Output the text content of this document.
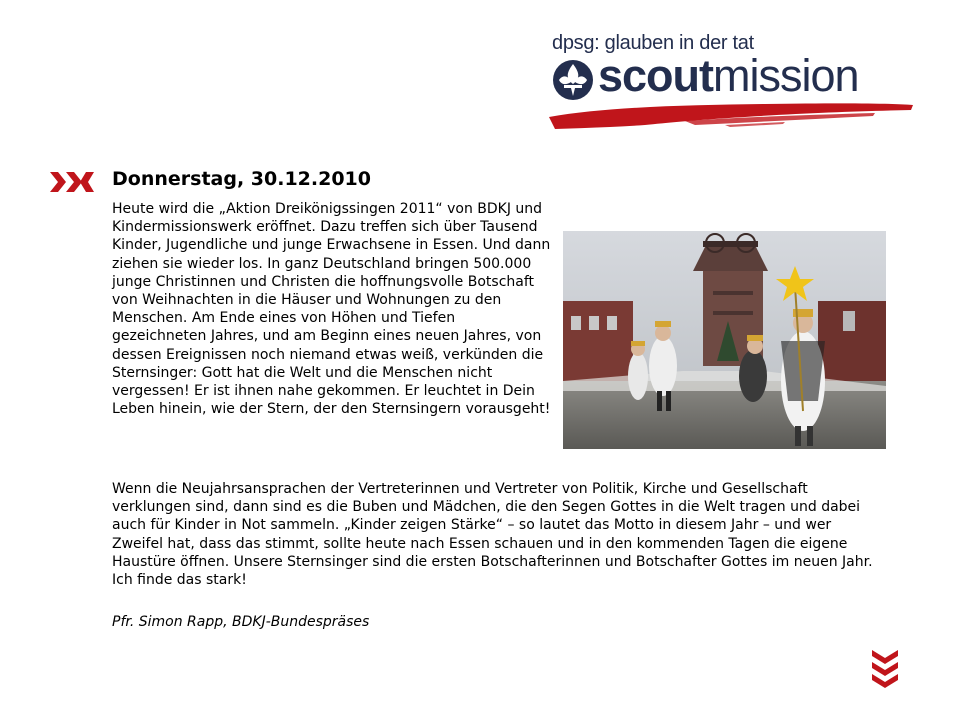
dpsg: glauben in der tat
scoutmission
Donnerstag, 30.12.2010

Heute wird die „Aktion Dreikönigssingen 2011“ von BDKJ und Kindermissionswerk eröffnet. Dazu treffen sich über Tausend Kinder, Jugendliche und junge Erwachsene in Essen. Und dann ziehen sie wieder los. In ganz Deutschland bringen 500.000 junge Christinnen und Christen die hoffnungsvolle Botschaft von Weihnachten in die Häuser und Wohnungen zu den Menschen. Am Ende eines von Höhen und Tiefen gezeichneten Jahres, und am Beginn eines neuen Jahres, von dessen Ereignissen noch niemand etwas weiß, verkünden die Sternsinger: Gott hat die Welt und die Menschen nicht vergessen! Er ist ihnen nahe gekommen. Er leuchtet in Dein Leben hinein, wie der Stern, der den Sternsingern vorausgeht!

Wenn die Neujahrsansprachen der Vertreterinnen und Vertreter von Politik, Kirche und Gesellschaft verklungen sind, dann sind es die Buben und Mädchen, die den Segen Gottes in die Welt tragen und dabei auch für Kinder in Not sammeln. „Kinder zeigen Stärke“ – so lautet das Motto in diesem Jahr – und wer Zweifel hat, dass das stimmt, sollte heute nach Essen schauen und in den kommenden Tagen die eigene Haustüre öffnen. Unsere Sternsinger sind die ersten Botschafterinnen und Botschafter Gottes im neuen Jahr. Ich finde das stark!

Pfr. Simon Rapp, BDKJ-Bundespräses
